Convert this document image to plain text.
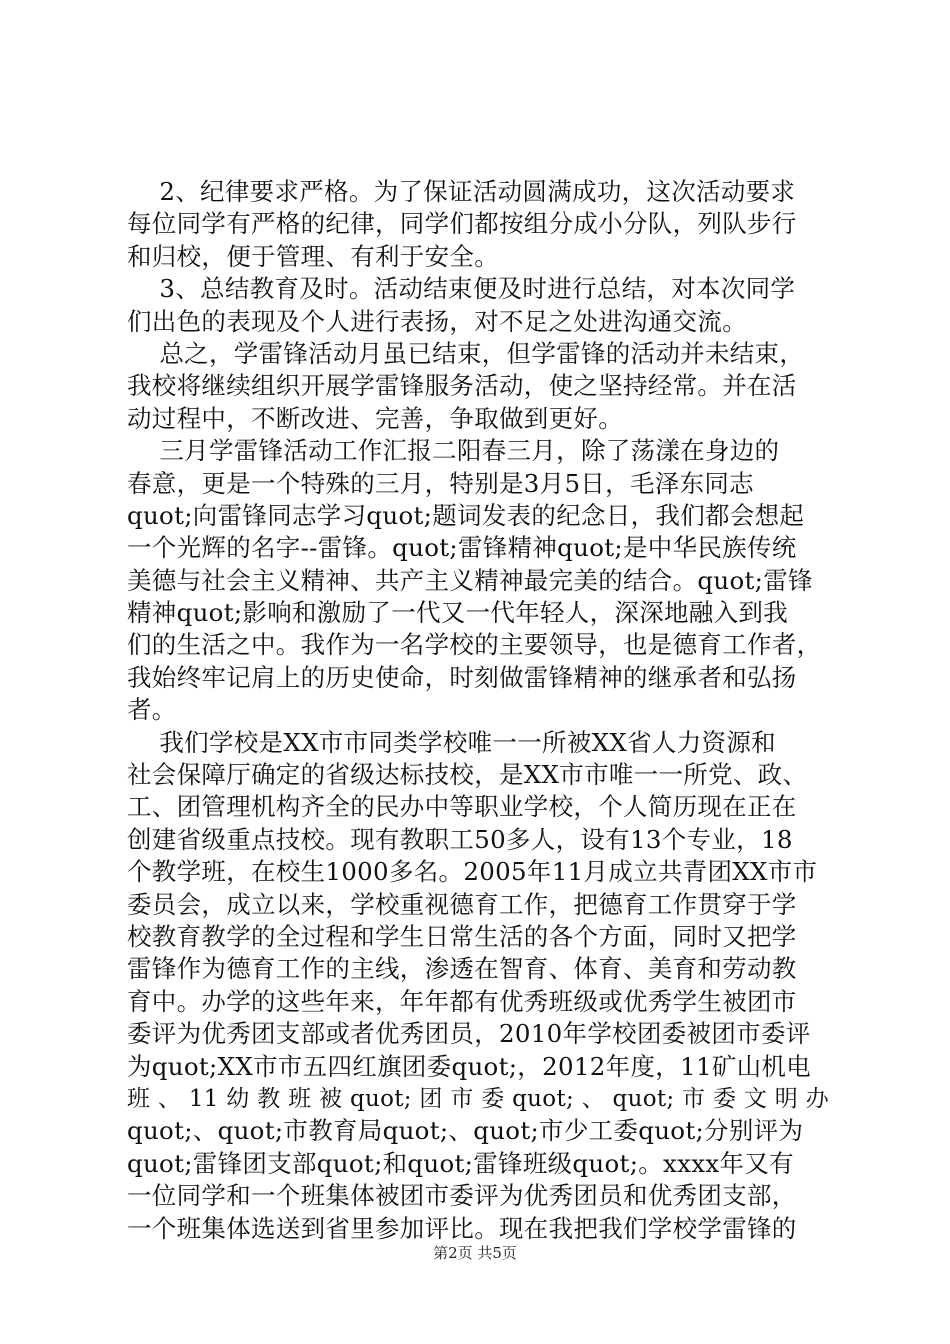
2、纪律要求严格。为了保证活动圆满成功，这次活动要求
每位同学有严格的纪律，同学们都按组分成小分队，列队步行
和归校，便于管理、有利于安全。
3、总结教育及时。活动结束便及时进行总结，对本次同学
们出色的表现及个人进行表扬，对不足之处进沟通交流。
总之，学雷锋活动月虽已结束，但学雷锋的活动并未结束，
我校将继续组织开展学雷锋服务活动，使之坚持经常。并在活
动过程中，不断改进、完善，争取做到更好。
三月学雷锋活动工作汇报二阳春三月，除了荡漾在身边的
春意，更是一个特殊的三月，特别是3月5日，毛泽东同志
quot;向雷锋同志学习quot;题词发表的纪念日，我们都会想起
一个光辉的名字--雷锋。quot;雷锋精神quot;是中华民族传统
美德与社会主义精神、共产主义精神最完美的结合。quot;雷锋
精神quot;影响和激励了一代又一代年轻人，深深地融入到我
们的生活之中。我作为一名学校的主要领导，也是德育工作者，
我始终牢记肩上的历史使命，时刻做雷锋精神的继承者和弘扬
者。
我们学校是XX市市同类学校唯一一所被XX省人力资源和
社会保障厅确定的省级达标技校，是XX市市唯一一所党、政、
工、团管理机构齐全的民办中等职业学校，个人简历现在正在
创建省级重点技校。现有教职工50多人，设有13个专业，18
个教学班，在校生1000多名。2005年11月成立共青团XX市市
委员会，成立以来，学校重视德育工作，把德育工作贯穿于学
校教育教学的全过程和学生日常生活的各个方面，同时又把学
雷锋作为德育工作的主线，渗透在智育、体育、美育和劳动教
育中。办学的这些年来，年年都有优秀班级或优秀学生被团市
委评为优秀团支部或者优秀团员，2010年学校团委被团市委评
为quot;XX市市五四红旗团委quot;，2012年度，11矿山机电
班 、 11 幼 教 班 被 quot; 团 市 委 quot; 、 quot; 市 委 文 明 办
quot;、quot;市教育局quot;、quot;市少工委quot;分别评为
quot;雷锋团支部quot;和quot;雷锋班级quot;。xxxx年又有
一位同学和一个班集体被团市委评为优秀团员和优秀团支部，
一个班集体选送到省里参加评比。现在我把我们学校学雷锋的
第2页 共5页
